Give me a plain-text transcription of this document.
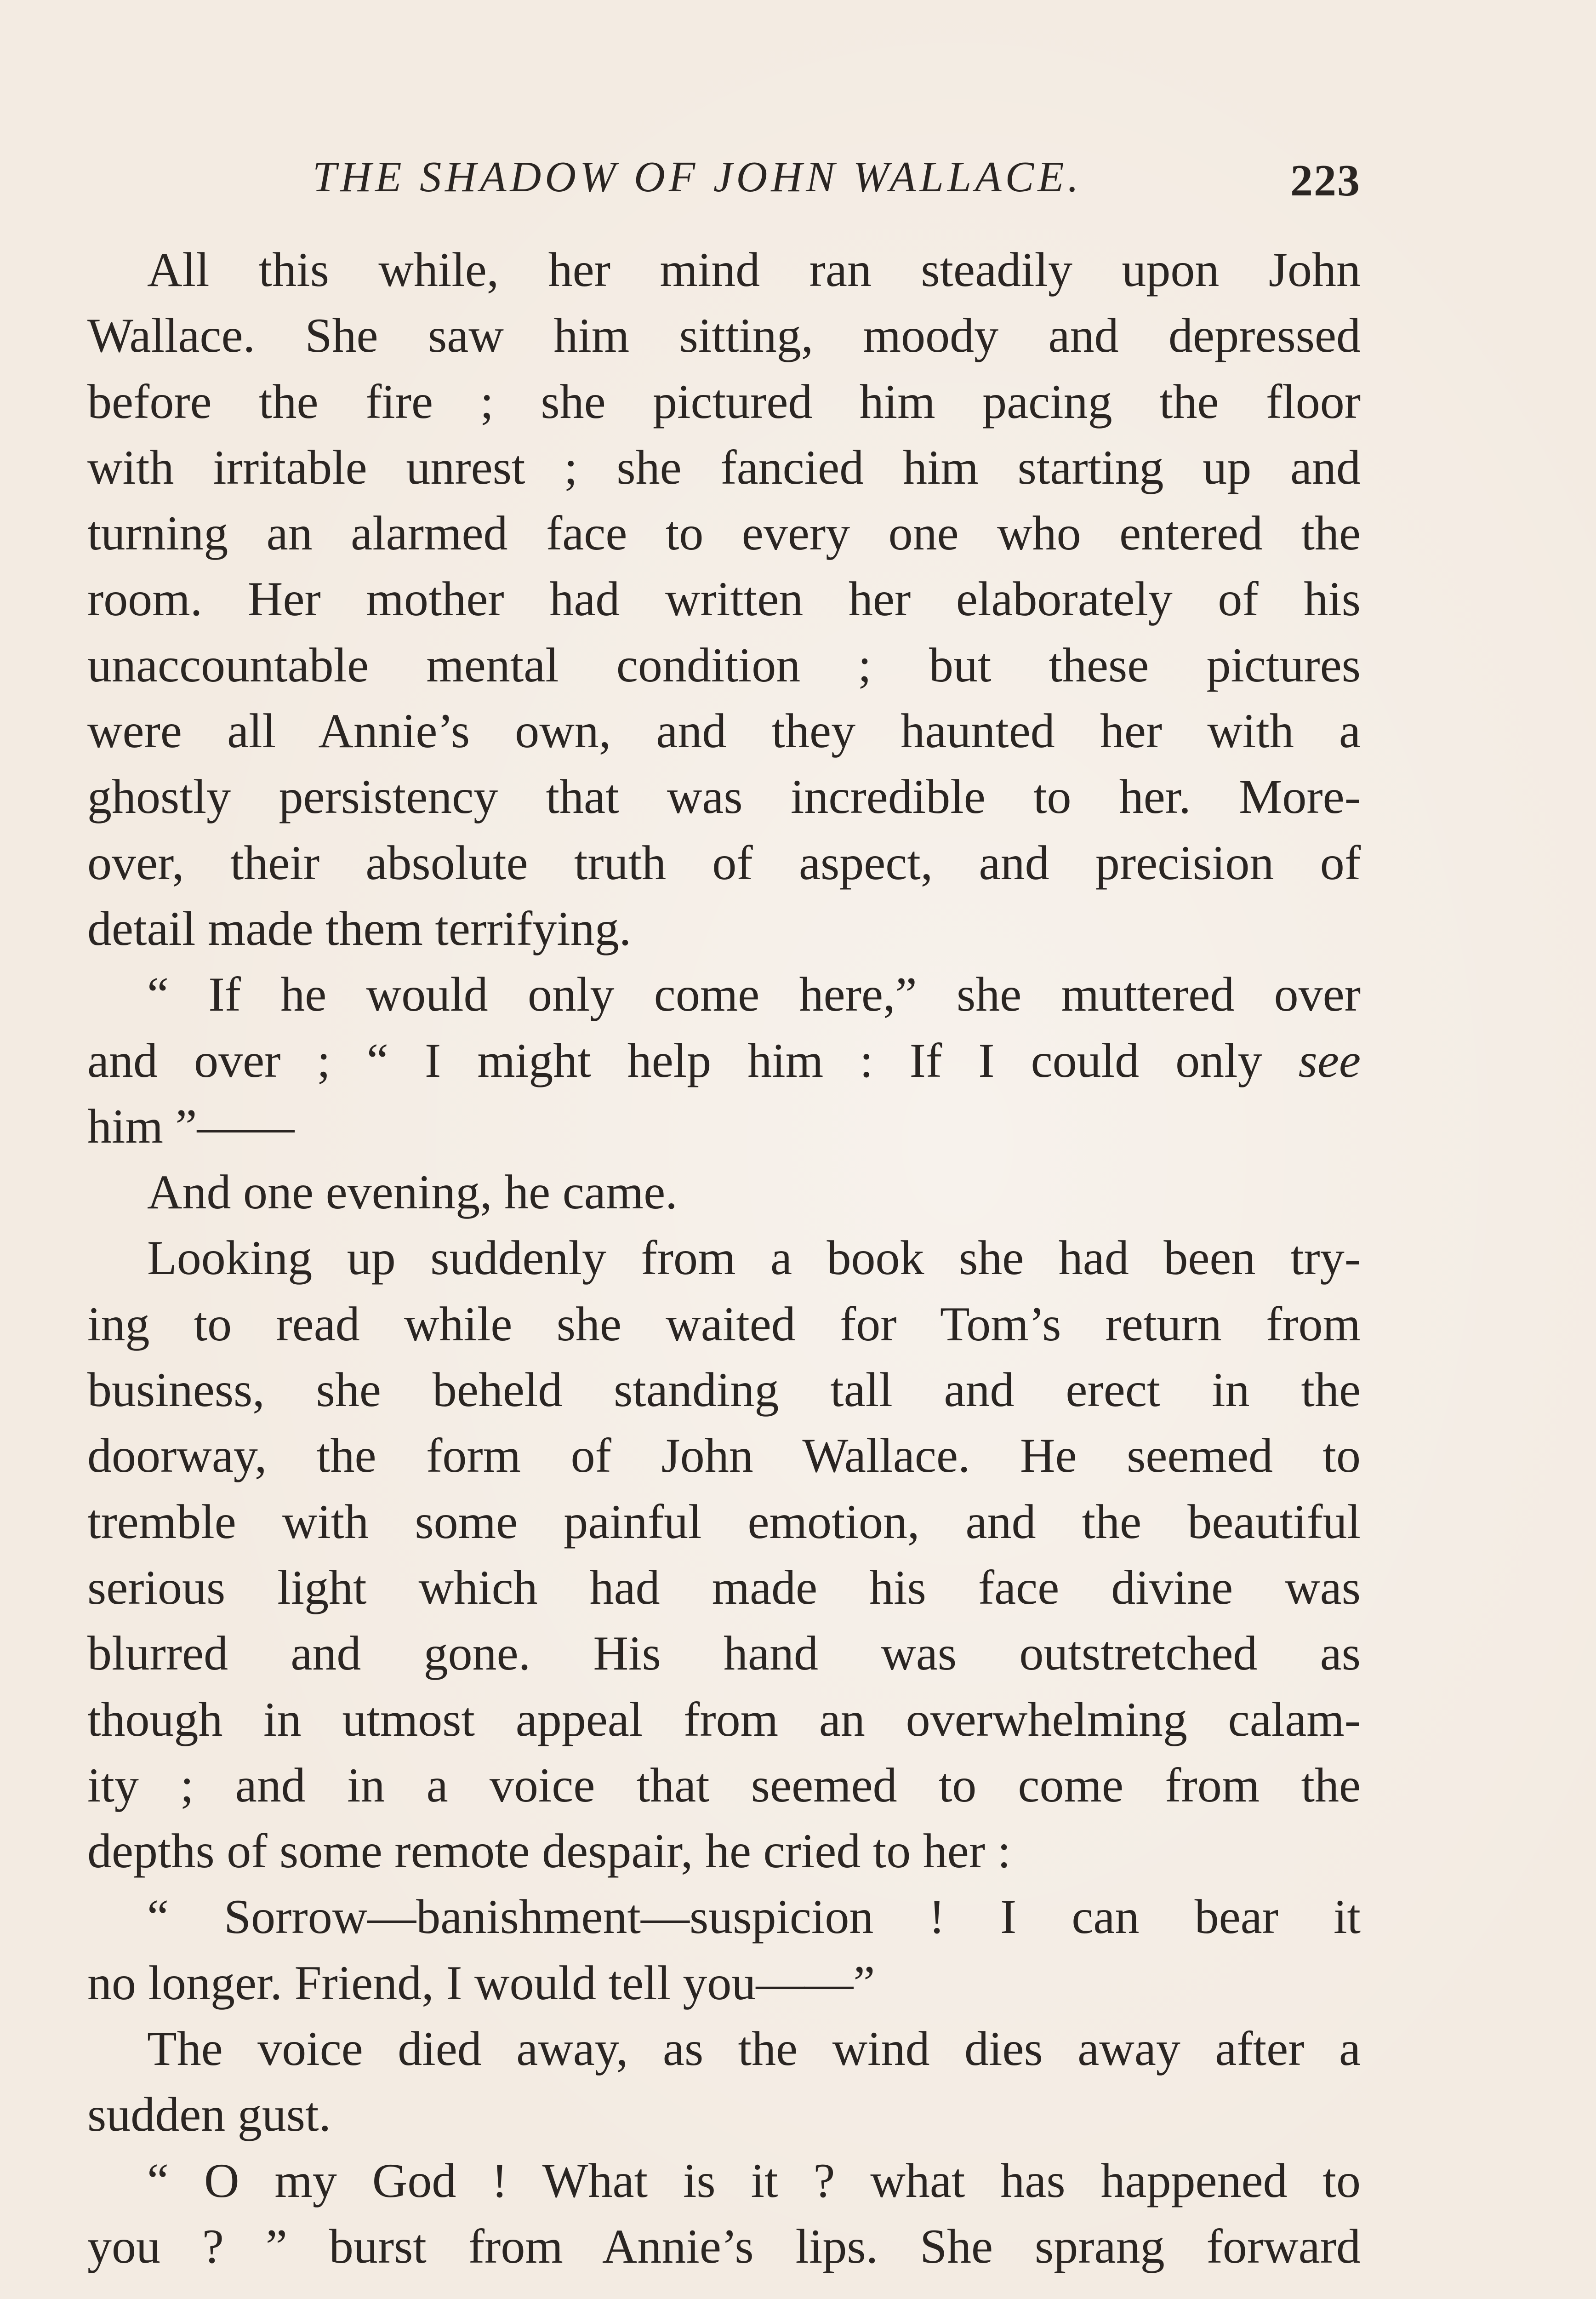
THE SHADOW OF JOHN WALLACE.	223
All this while, her mind ran steadily upon John
Wallace. She saw him sitting, moody and depressed
before the fire ; she pictured him pacing the floor
with irritable unrest ; she fancied him starting up and
turning an alarmed face to every one who entered the
room. Her mother had written her elaborately of his
unaccountable mental condition ; but these pictures
were all Annie’s own, and they haunted her with a
ghostly persistency that was incredible to her. More-
over, their absolute truth of aspect, and precision of
detail made them terrifying.
“ If he would only come here,” she muttered over
and over ; “ I might help him : If I could only see
him ”——
And one evening, he came.
Looking up suddenly from a book she had been try-
ing to read while she waited for Tom’s return from
business, she beheld standing tall and erect in the
doorway, the form of John Wallace. He seemed to
tremble with some painful emotion, and the beautiful
serious light which had made his face divine was
blurred and gone. His hand was outstretched as
though in utmost appeal from an overwhelming calam-
ity ; and in a voice that seemed to come from the
depths of some remote despair, he cried to her :
“ Sorrow—banishment—suspicion ! I can bear it
no longer. Friend, I would tell you——”
The voice died away, as the wind dies away after a
sudden gust.
“ O my God ! What is it ? what has happened to
you ? ” burst from Annie’s lips. She sprang forward
